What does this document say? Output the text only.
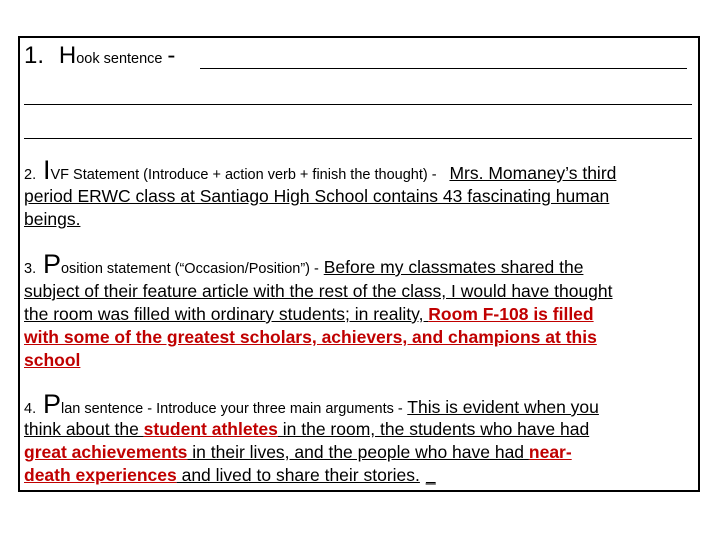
1. Hook sentence -
2. IVF Statement (Introduce + action verb + finish the thought) - Mrs. Momaney’s third
period ERWC class at Santiago High School contains 43 fascinating human
beings.
3. Position statement (“Occasion/Position”) - Before my classmates shared the
subject of their feature article with the rest of the class, I would have thought
the room was filled with ordinary students; in reality, Room F-108 is filled
with some of the greatest scholars, achievers, and champions at this
school
4. Plan sentence - Introduce your three main arguments - This is evident when you
think about the student athletes in the room, the students who have had
great achievements in their lives, and the people who have had near-
death experiences and lived to share their stories. _
